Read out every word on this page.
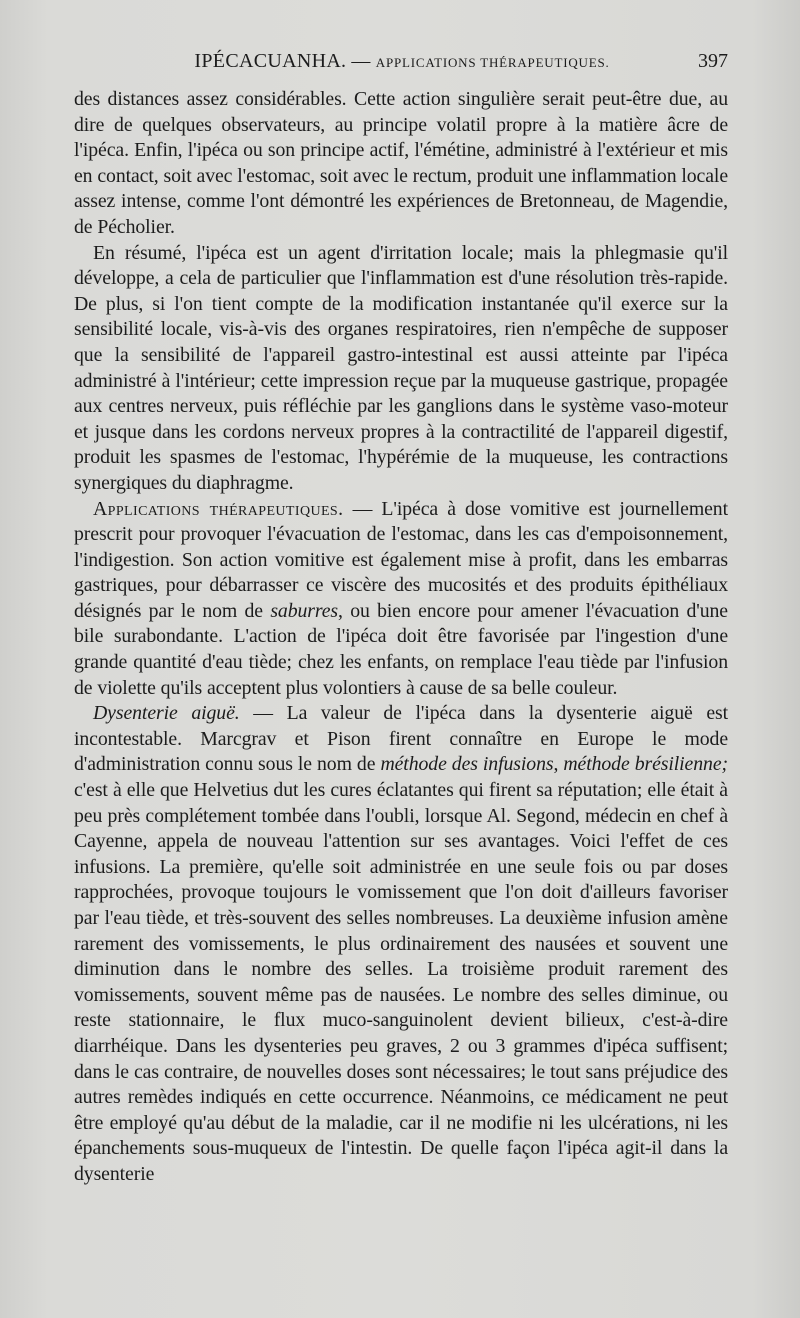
IPÉCACUANHA. — APPLICATIONS THÉRAPEUTIQUES.	397

des distances assez considérables. Cette action singulière serait peut-être due, au dire de quelques observateurs, au principe volatil propre à la matière âcre de l'ipéca. Enfin, l'ipéca ou son principe actif, l'émétine, administré à l'extérieur et mis en contact, soit avec l'estomac, soit avec le rectum, produit une inflammation locale assez intense, comme l'ont démontré les expériences de Bretonneau, de Magendie, de Pécholier.

En résumé, l'ipéca est un agent d'irritation locale; mais la phlegmasie qu'il développe, a cela de particulier que l'inflammation est d'une résolution très-rapide. De plus, si l'on tient compte de la modification instantanée qu'il exerce sur la sensibilité locale, vis-à-vis des organes respiratoires, rien n'empêche de supposer que la sensibilité de l'appareil gastro-intestinal est aussi atteinte par l'ipéca administré à l'intérieur; cette impression reçue par la muqueuse gastrique, propagée aux centres nerveux, puis réfléchie par les ganglions dans le système vaso-moteur et jusque dans les cordons nerveux propres à la contractilité de l'appareil digestif, produit les spasmes de l'estomac, l'hypérémie de la muqueuse, les contractions synergiques du diaphragme.

Applications thérapeutiques. — L'ipéca à dose vomitive est journellement prescrit pour provoquer l'évacuation de l'estomac, dans les cas d'empoisonnement, l'indigestion. Son action vomitive est également mise à profit, dans les embarras gastriques, pour débarrasser ce viscère des mucosités et des produits épithéliaux désignés par le nom de saburres, ou bien encore pour amener l'évacuation d'une bile surabondante. L'action de l'ipéca doit être favorisée par l'ingestion d'une grande quantité d'eau tiède; chez les enfants, on remplace l'eau tiède par l'infusion de violette qu'ils acceptent plus volontiers à cause de sa belle couleur.

Dysenterie aiguë. — La valeur de l'ipéca dans la dysenterie aiguë est incontestable. Marcgrav et Pison firent connaître en Europe le mode d'administration connu sous le nom de méthode des infusions, méthode brésilienne; c'est à elle que Helvetius dut les cures éclatantes qui firent sa réputation; elle était à peu près complétement tombée dans l'oubli, lorsque Al. Segond, médecin en chef à Cayenne, appela de nouveau l'attention sur ses avantages. Voici l'effet de ces infusions. La première, qu'elle soit administrée en une seule fois ou par doses rapprochées, provoque toujours le vomissement que l'on doit d'ailleurs favoriser par l'eau tiède, et très-souvent des selles nombreuses. La deuxième infusion amène rarement des vomissements, le plus ordinairement des nausées et souvent une diminution dans le nombre des selles. La troisième produit rarement des vomissements, souvent même pas de nausées. Le nombre des selles diminue, ou reste stationnaire, le flux muco-sanguinolent devient bilieux, c'est-à-dire diarrhéique. Dans les dysenteries peu graves, 2 ou 3 grammes d'ipéca suffisent; dans le cas contraire, de nouvelles doses sont nécessaires; le tout sans préjudice des autres remèdes indiqués en cette occurrence. Néanmoins, ce médicament ne peut être employé qu'au début de la maladie, car il ne modifie ni les ulcérations, ni les épanchements sous-muqueux de l'intestin. De quelle façon l'ipéca agit-il dans la dysenterie
